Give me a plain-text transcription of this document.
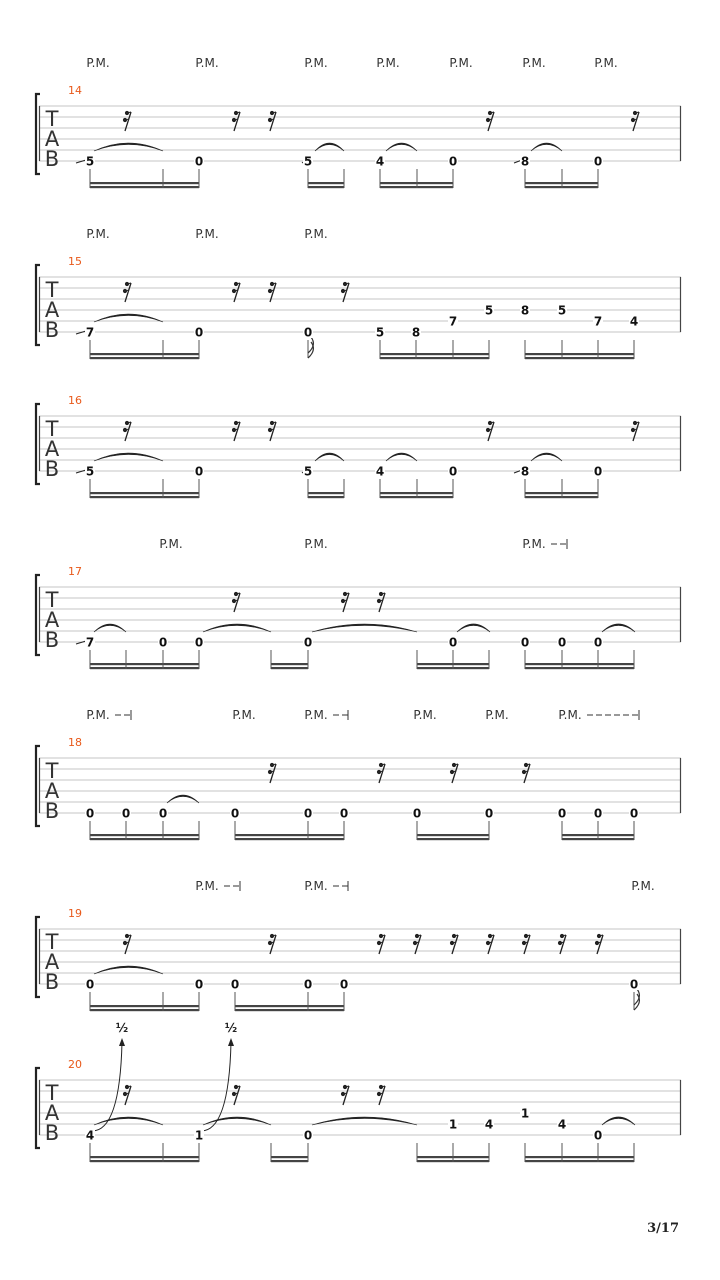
T
A
B
14
P.M.	P.M.	P.M.	P.M.	P.M.	P.M.	P.M.
5	0	5	4	0	8	0
T
A
B
15
P.M.	P.M.	P.M.
7	0	0	5 8
7
5 8 5
7 4
T
A
B
16
5	0	5	4	0	8	0
T
A
B
17
P.M.	P.M.	P.M.
7	0 0	0	0	0 0 0
T
A
B
18
P.M.	P.M.	P.M.	P.M.	P.M.	P.M.
0 0 0	0	0 0	0	0	0 0 0
T
A
B
19
P.M.	P.M.	P.M.
0	0 0	0 0	0
T
A
B
20
½	½
4	1	0
1 4
1
4
0
3/17
